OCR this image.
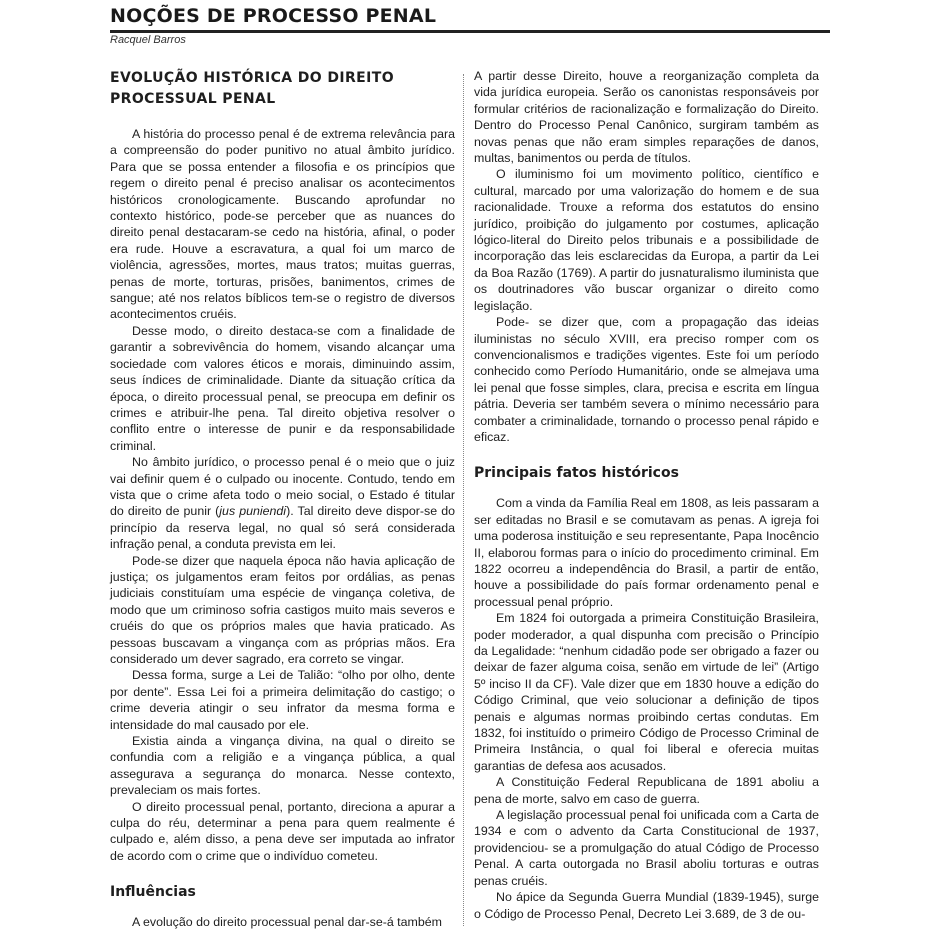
NOÇÕES DE PROCESSO PENAL
Racquel Barros
EVOLUÇÃO HISTÓRICA DO DIREITO PROCESSUAL PENAL

A história do processo penal é de extrema relevância para a compreensão do poder punitivo no atual âmbito jurídico. Para que se possa entender a filosofia e os princípios que regem o direito penal é preciso analisar os acontecimentos históricos cronologicamente. Buscando aprofundar no contexto histórico, pode-se perceber que as nuances do direito penal destacaram-se cedo na história, afinal, o poder era rude. Houve a escravatura, a qual foi um marco de violência, agressões, mortes, maus tratos; muitas guerras, penas de morte, torturas, prisões, banimentos, crimes de sangue; até nos relatos bíblicos tem-se o registro de diversos acontecimentos cruéis.

Desse modo, o direito destaca-se com a finalidade de garantir a sobrevivência do homem, visando alcançar uma sociedade com valores éticos e morais, diminuindo assim, seus índices de criminalidade. Diante da situação crítica da época, o direito processual penal, se preocupa em definir os crimes e atribuir-lhe pena. Tal direito objetiva resolver o conflito entre o interesse de punir e da responsabilidade criminal.

No âmbito jurídico, o processo penal é o meio que o juiz vai definir quem é o culpado ou inocente. Contudo, tendo em vista que o crime afeta todo o meio social, o Estado é titular do direito de punir (jus puniendi). Tal direito deve dispor-se do princípio da reserva legal, no qual só será considerada infração penal, a conduta prevista em lei.

Pode-se dizer que naquela época não havia aplicação de justiça; os julgamentos eram feitos por ordálias, as penas judiciais constituíam uma espécie de vingança coletiva, de modo que um criminoso sofria castigos muito mais severos e cruéis do que os próprios males que havia praticado. As pessoas buscavam a vingança com as próprias mãos. Era considerado um dever sagrado, era correto se vingar.

Dessa forma, surge a Lei de Talião: “olho por olho, dente por dente”. Essa Lei foi a primeira delimitação do castigo; o crime deveria atingir o seu infrator da mesma forma e intensidade do mal causado por ele.

Existia ainda a vingança divina, na qual o direito se confundia com a religião e a vingança pública, a qual assegurava a segurança do monarca. Nesse contexto, prevaleciam os mais fortes.

O direito processual penal, portanto, direciona a apurar a culpa do réu, determinar a pena para quem realmente é culpado e, além disso, a pena deve ser imputada ao infrator de acordo com o crime que o indivíduo cometeu.

Influências

A evolução do direito processual penal dar-se-á também

A partir desse Direito, houve a reorganização completa da vida jurídica europeia. Serão os canonistas responsáveis por formular critérios de racionalização e formalização do Direito. Dentro do Processo Penal Canônico, surgiram também as novas penas que não eram simples reparações de danos, multas, banimentos ou perda de títulos.

O iluminismo foi um movimento político, científico e cultural, marcado por uma valorização do homem e de sua racionalidade. Trouxe a reforma dos estatutos do ensino jurídico, proibição do julgamento por costumes, aplicação lógico-literal do Direito pelos tribunais e a possibilidade de incorporação das leis esclarecidas da Europa, a partir da Lei da Boa Razão (1769). A partir do jusnaturalismo iluminista que os doutrinadores vão buscar organizar o direito como legislação.

Pode- se dizer que, com a propagação das ideias iluministas no século XVIII, era preciso romper com os convencionalismos e tradições vigentes. Este foi um período conhecido como Período Humanitário, onde se almejava uma lei penal que fosse simples, clara, precisa e escrita em língua pátria. Deveria ser também severa o mínimo necessário para combater a criminalidade, tornando o processo penal rápido e eficaz.

Principais fatos históricos

Com a vinda da Família Real em 1808, as leis passaram a ser editadas no Brasil e se comutavam as penas. A igreja foi uma poderosa instituição e seu representante, Papa Inocêncio II, elaborou formas para o início do procedimento criminal. Em 1822 ocorreu a independência do Brasil, a partir de então, houve a possibilidade do país formar ordenamento penal e processual penal próprio.

Em 1824 foi outorgada a primeira Constituição Brasileira, poder moderador, a qual dispunha com precisão o Princípio da Legalidade: “nenhum cidadão pode ser obrigado a fazer ou deixar de fazer alguma coisa, senão em virtude de lei” (Artigo 5º inciso II da CF). Vale dizer que em 1830 houve a edição do Código Criminal, que veio solucionar a definição de tipos penais e algumas normas proibindo certas condutas. Em 1832, foi instituído o primeiro Código de Processo Criminal de Primeira Instância, o qual foi liberal e oferecia muitas garantias de defesa aos acusados.

A Constituição Federal Republicana de 1891 aboliu a pena de morte, salvo em caso de guerra.

A legislação processual penal foi unificada com a Carta de 1934 e com o advento da Carta Constitucional de 1937, providenciou- se a promulgação do atual Código de Processo Penal. A carta outorgada no Brasil aboliu torturas e outras penas cruéis.

No ápice da Segunda Guerra Mundial (1839-1945), surge o Código de Processo Penal, Decreto Lei 3.689, de 3 de ou-
